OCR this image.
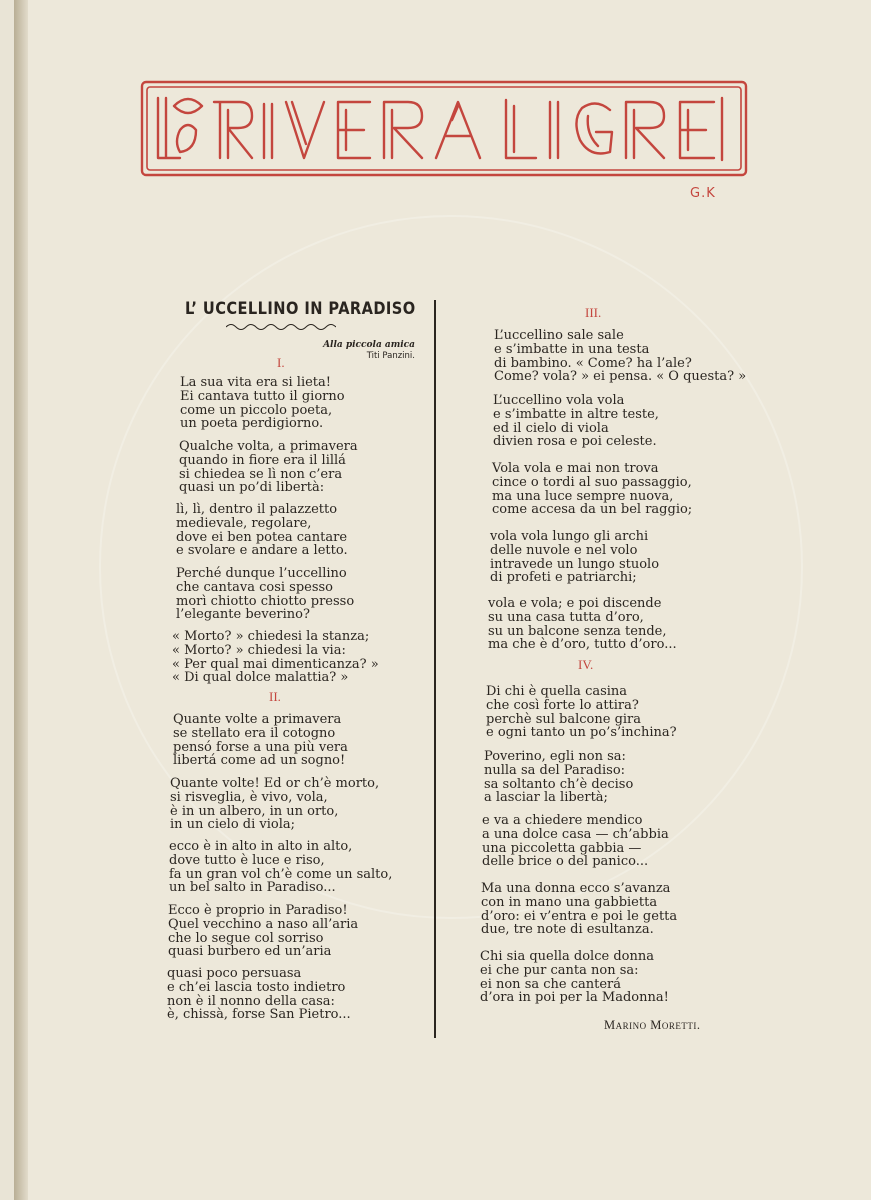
G.K
L’ UCCELLINO IN PARADISO
Alla piccola amica
Titi Panzini.
I.
II.
III.
IV.
La sua vita era si lieta!
Ei cantava tutto il giorno
come un piccolo poeta,
un poeta perdigiorno.
Qualche volta, a primavera
quando in fiore era il lillá
si chiedea se lì non c’era
quasi un po’di libertà:
lì, lì, dentro il palazzetto
medievale, regolare,
dove ei ben potea cantare
e svolare e andare a letto.
Perché dunque l’uccellino
che cantava cosi spesso
morì chiotto chiotto presso
l’elegante beverino?
« Morto? » chiedesi la stanza;
« Morto? » chiedesi la via:
« Per qual mai dimenticanza? »
« Di qual dolce malattia? »
Quante volte a primavera
se stellato era il cotogno
pensó forse a una più vera
libertá come ad un sogno!
Quante volte! Ed or ch’è morto,
si risveglia, è vivo, vola,
è in un albero, in un orto,
in un cielo di viola;
ecco è in alto in alto in alto,
dove tutto è luce e riso,
fa un gran vol ch’è come un salto,
un bel salto in Paradiso...
Ecco è proprio in Paradiso!
Quel vecchino a naso all’aria
che lo segue col sorriso
quasi burbero ed un’aria
quasi poco persuasa
e ch’ei lascia tosto indietro
non è il nonno della casa:
è, chissà, forse San Pietro...
L’uccellino sale sale
e s’imbatte in una testa
di bambino. « Come? ha l’ale?
Come? vola? » ei pensa. « O questa? »
L’uccellino vola vola
e s’imbatte in altre teste,
ed il cielo di viola
divien rosa e poi celeste.
Vola vola e mai non trova
cince o tordi al suo passaggio,
ma una luce sempre nuova,
come accesa da un bel raggio;
vola vola lungo gli archi
delle nuvole e nel volo
intravede un lungo stuolo
di profeti e patriarchi;
vola e vola; e poi discende
su una casa tutta d’oro,
su un balcone senza tende,
ma che è d’oro, tutto d’oro...
Di chi è quella casina
che così forte lo attira?
perchè sul balcone gira
e ogni tanto un po’s’inchina?
Poverino, egli non sa:
nulla sa del Paradiso:
sa soltanto ch’è deciso
a lasciar la libertà;
e va a chiedere mendico
a una dolce casa — ch’abbia
una piccoletta gabbia —
delle brice o del panico...
Ma una donna ecco s’avanza
con in mano una gabbietta
d’oro: ei v’entra e poi le getta
due, tre note di esultanza.
Chi sia quella dolce donna
ei che pur canta non sa:
ei non sa che canterá
d’ora in poi per la Madonna!
Marino Moretti.
